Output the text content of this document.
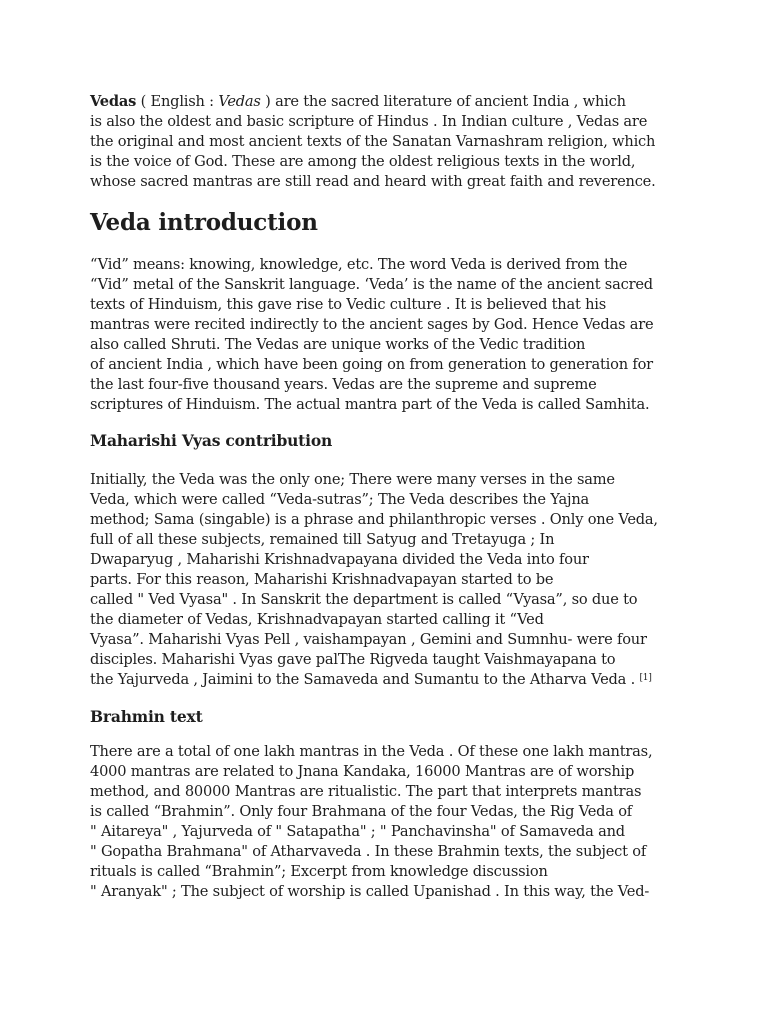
Vedas ( English : Vedas ) are the sacred literature of ancient India , which
is also the oldest and basic scripture of Hindus . In Indian culture , Vedas are
the original and most ancient texts of the Sanatan Varnashram religion, which
is the voice of God. These are among the oldest religious texts in the world,
whose sacred mantras are still read and heard with great faith and reverence.
Veda introduction
“Vid” means: knowing, knowledge, etc. The word Veda is derived from the
“Vid” metal of the Sanskrit language. ‘Veda’ is the name of the ancient sacred
texts of Hinduism, this gave rise to Vedic culture . It is believed that his
mantras were recited indirectly to the ancient sages by God. Hence Vedas are
also called Shruti. The Vedas are unique works of the Vedic tradition
of ancient India , which have been going on from generation to generation for
the last four-five thousand years. Vedas are the supreme and supreme
scriptures of Hinduism. The actual mantra part of the Veda is called Samhita.
Maharishi Vyas contribution
Initially, the Veda was the only one; There were many verses in the same
Veda, which were called “Veda-sutras”; The Veda describes the Yajna
method; Sama (singable) is a phrase and philanthropic verses . Only one Veda,
full of all these subjects, remained till Satyug and Tretayuga ; In
Dwaparyug , Maharishi Krishnadvapayana divided the Veda into four
parts. For this reason, Maharishi Krishnadvapayan started to be
called " Ved Vyasa" . In Sanskrit the department is called “Vyasa”, so due to
the diameter of Vedas, Krishnadvapayan started calling it “Ved
Vyasa”. Maharishi Vyas Pell , vaishampayan , Gemini and Sumnhu- were four
disciples. Maharishi Vyas gave palThe Rigveda taught Vaishmayapana to
the Yajurveda , Jaimini to the Samaveda and Sumantu to the Atharva Veda . [1]
Brahmin text
There are a total of one lakh mantras in the Veda . Of these one lakh mantras,
4000 mantras are related to Jnana Kandaka, 16000 Mantras are of worship
method, and 80000 Mantras are ritualistic. The part that interprets mantras
is called “Brahmin”. Only four Brahmana of the four Vedas, the Rig Veda of
" Aitareya" , Yajurveda of " Satapatha" ; " Panchavinsha" of Samaveda and
" Gopatha Brahmana" of Atharvaveda . In these Brahmin texts, the subject of
rituals is called “Brahmin”; Excerpt from knowledge discussion
" Aranyak" ; The subject of worship is called Upanishad . In this way, the Ved-
